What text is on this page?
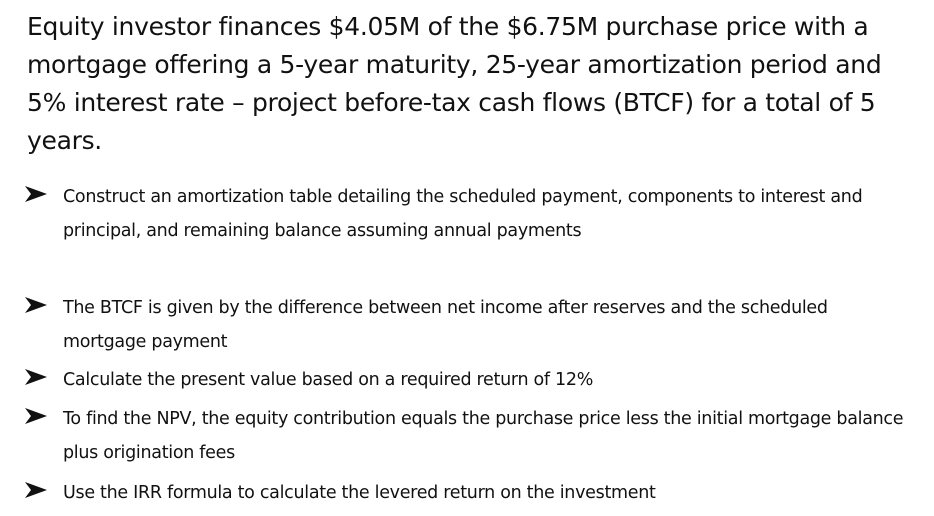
Equity investor finances $4.05M of the $6.75M purchase price with a mortgage offering a 5-year maturity, 25-year amortization period and 5% interest rate – project before-tax cash flows (BTCF) for a total of 5 years.

Construct an amortization table detailing the scheduled payment, components to interest and principal, and remaining balance assuming annual payments
The BTCF is given by the difference between net income after reserves and the scheduled mortgage payment
Calculate the present value based on a required return of 12%
To find the NPV, the equity contribution equals the purchase price less the initial mortgage balance plus origination fees
Use the IRR formula to calculate the levered return on the investment
